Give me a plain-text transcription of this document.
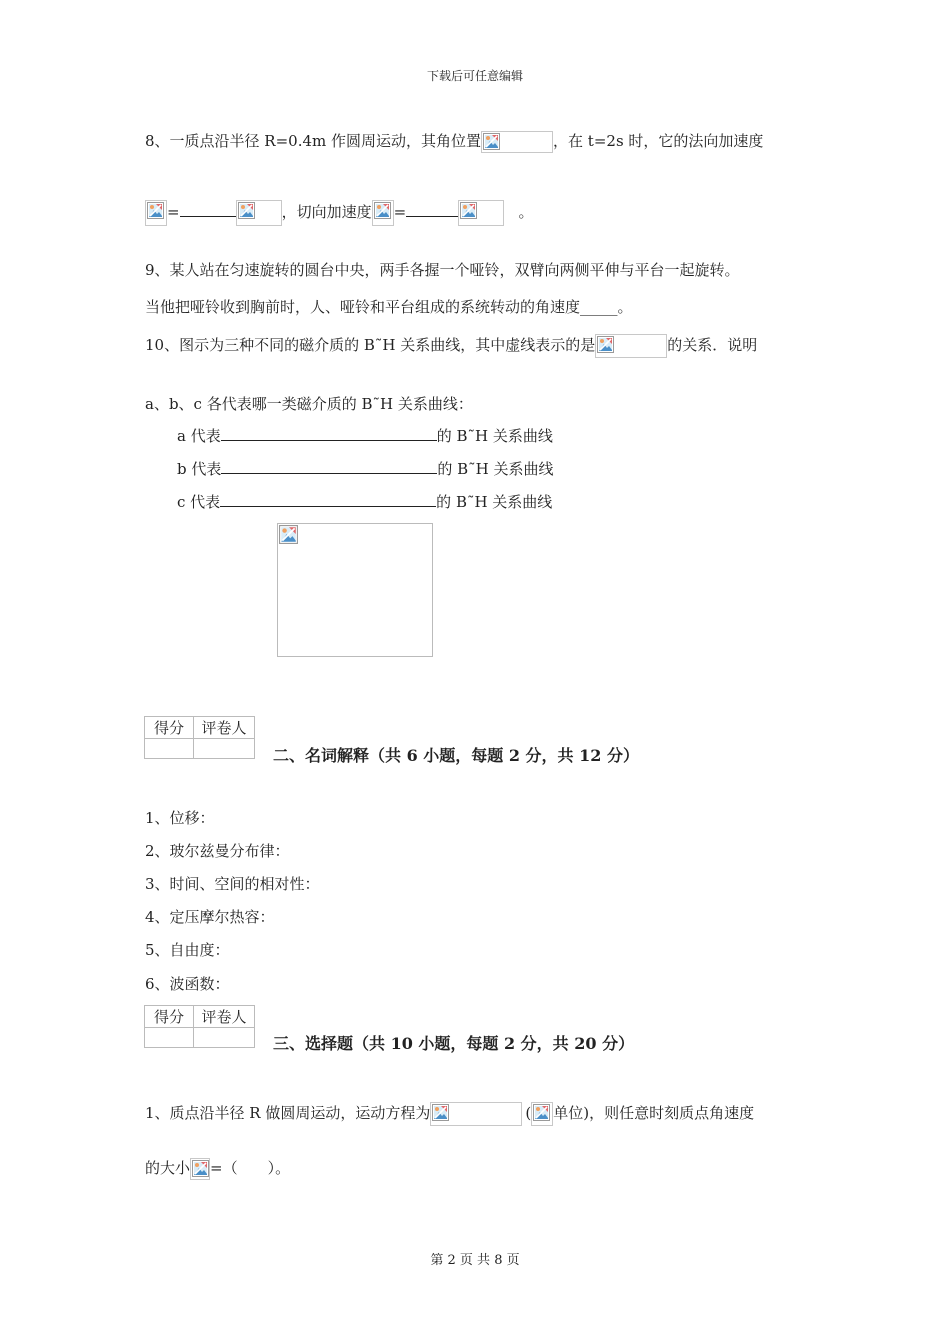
下载后可任意编辑
8、一质点沿半径 R=0.4m 作圆周运动，其角位置	，在 t=2s 时，它的法向加速度
=	，切向加速度 =	。
9、某人站在匀速旋转的圆台中央，两手各握一个哑铃，双臂向两侧平伸与平台一起旋转。
当他把哑铃收到胸前时，人、哑铃和平台组成的系统转动的角速度_____。
10、图示为三种不同的磁介质的 B˜H 关系曲线，其中虚线表示的是	的关系．说明
a、b、c 各代表哪一类磁介质的 B˜H 关系曲线：
a 代表	的 B˜H 关系曲线
b 代表	的 B˜H 关系曲线
c 代表	的 B˜H 关系曲线
得分	评卷人

二、名词解释（共 6 小题，每题 2 分，共 12 分）
1、位移：
2、玻尔兹曼分布律：
3、时间、空间的相对性：
4、定压摩尔热容：
5、自由度：
6、波函数：
得分	评卷人

三、选择题（共 10 小题，每题 2 分，共 20 分）
1、质点沿半径 R 做圆周运动，运动方程为	( 单位)，则任意时刻质点角速度
的大小 =（　　）。
第 2 页 共 8 页
